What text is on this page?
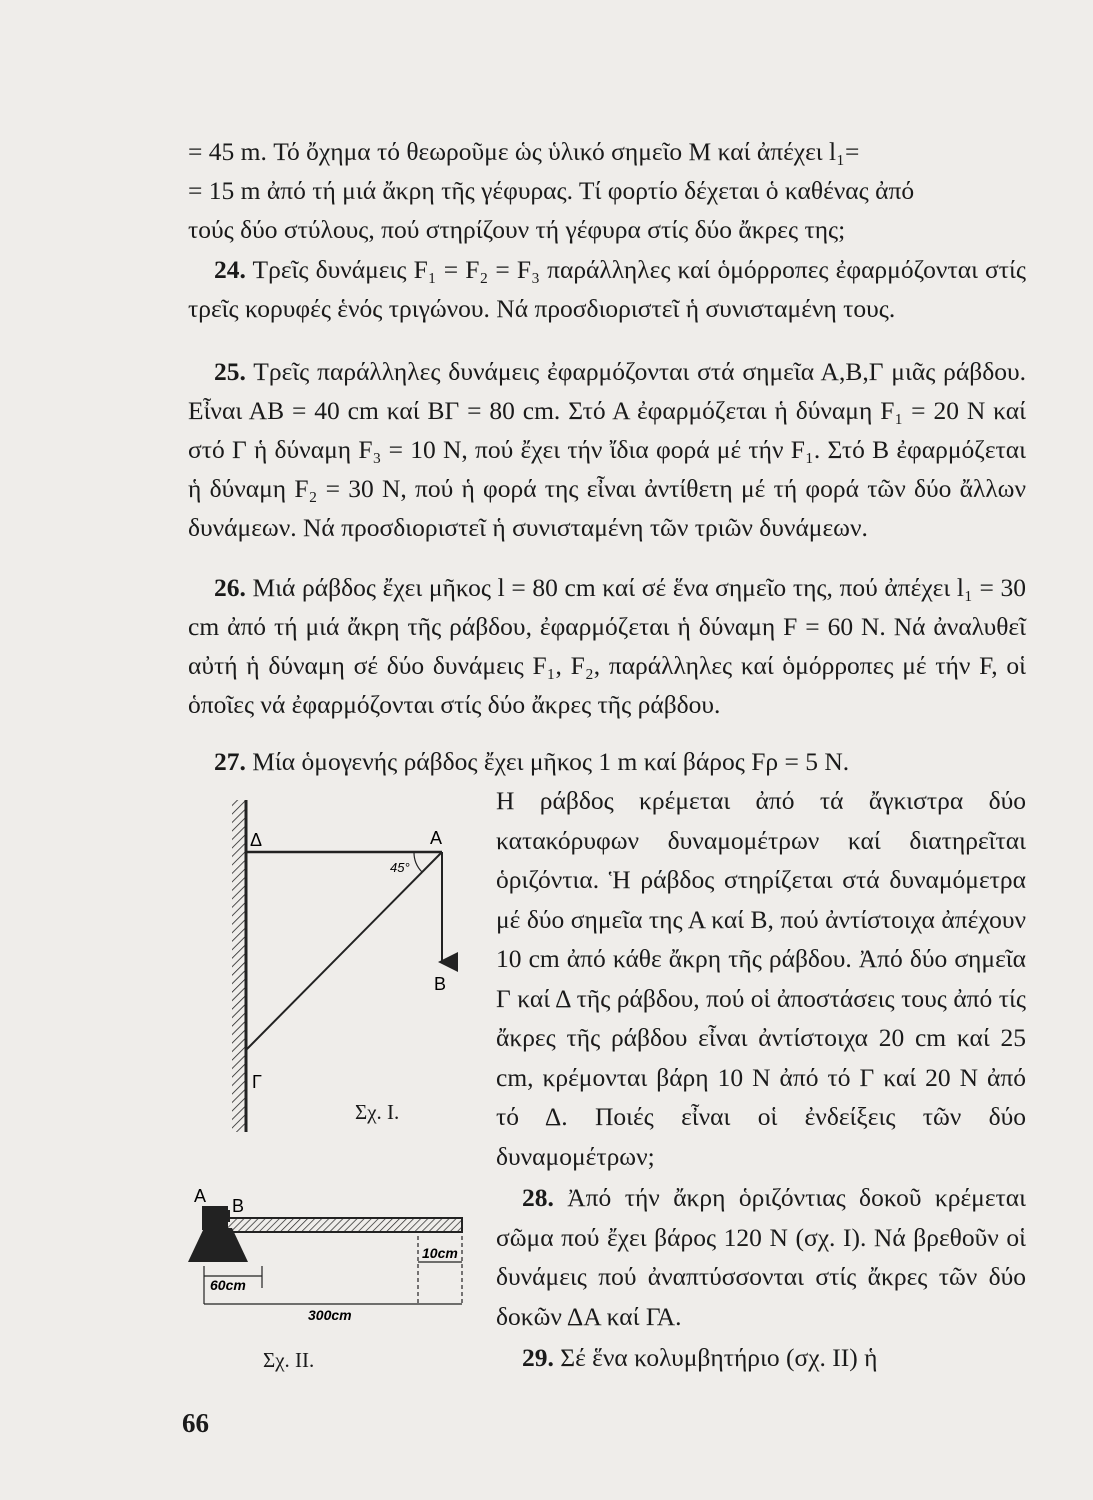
= 45 m. Τό ὄχημα τό θεωροῦμε ὡς ὑλικό σημεῖο Μ καί ἀπέχει l₁=

= 15 m ἀπό τή μιά ἄκρη τῆς γέφυρας. Τί φορτίο δέχεται ὁ καθένας ἀπό

τούς δύο στύλους, πού στηρίζουν τή γέφυρα στίς δύο ἄκρες της;

24. Τρεῖς δυνάμεις F₁ = F₂ = F₃ παράλληλες καί ὁμόρροπες ἐφαρμόζονται στίς τρεῖς κορυφές ἑνός τριγώνου. Νά προσδιοριστεῖ ἡ συνισταμένη τους.

25. Τρεῖς παράλληλες δυνάμεις ἐφαρμόζονται στά σημεῖα Α,Β,Γ μιᾶς ράβδου. Εἶναι ΑΒ = 40 cm καί ΒΓ = 80 cm. Στό Α ἐφαρμόζεται ἡ δύναμη F₁ = 20 N καί στό Γ ἡ δύναμη F₃ = 10 N, πού ἔχει τήν ἴδια φορά μέ τήν F₁. Στό Β ἐφαρμόζεται ἡ δύναμη F₂ = 30 N, πού ἡ φορά της εἶναι ἀντίθετη μέ τή φορά τῶν δύο ἄλλων δυνάμεων. Νά προσδιοριστεῖ ἡ συνισταμένη τῶν τριῶν δυνάμεων.

26. Μιά ράβδος ἔχει μῆκος l = 80 cm καί σέ ἕνα σημεῖο της, πού ἀπέχει l₁ = 30 cm ἀπό τή μιά ἄκρη τῆς ράβδου, ἐφαρμόζεται ἡ δύναμη F = 60 N. Νά ἀναλυθεῖ αὐτή ἡ δύναμη σέ δύο δυνάμεις F₁, F₂, παράλληλες καί ὁμόρροπες μέ τήν F, οἱ ὁποῖες νά ἐφαρμόζονται στίς δύο ἄκρες τῆς ράβδου.

27. Μία ὁμογενής ράβδος ἔχει μῆκος 1 m καί βάρος Fρ = 5 N.

Η ράβδος κρέμεται ἀπό τά ἄγκιστρα δύο κατακόρυφων δυναμομέτρων καί διατηρεῖται ὁριζόντια. Ἡ ράβδος στηρίζεται στά δυναμόμετρα μέ δύο σημεῖα της Α καί Β, πού ἀντίστοιχα ἀπέχουν 10 cm ἀπό κάθε ἄκρη τῆς ράβδου. Ἀπό δύο σημεῖα Γ καί Δ τῆς ράβδου, πού οἱ ἀποστάσεις τους ἀπό τίς ἄκρες τῆς ράβδου εἶναι ἀντίστοιχα 20 cm καί 25 cm, κρέμονται βάρη 10 N ἀπό τό Γ καί 20 N ἀπό τό Δ. Ποιές εἶναι οἱ ἐνδείξεις τῶν δύο δυναμομέτρων;

28. Ἀπό τήν ἄκρη ὁριζόντιας δοκοῦ κρέμεται σῶμα πού ἔχει βάρος 120 N (σχ. I). Νά βρεθοῦν οἱ δυνάμεις πού ἀναπτύσσονται στίς ἄκρες τῶν δύο δοκῶν ΔΑ καί ΓΑ.

29. Σέ ἕνα κολυμβητήριο (σχ. II) ἡ

Δ	Α
45°
Β
Γ
Σχ. I.
Α Β
60cm
10cm
300cm
Σχ. II.
66
